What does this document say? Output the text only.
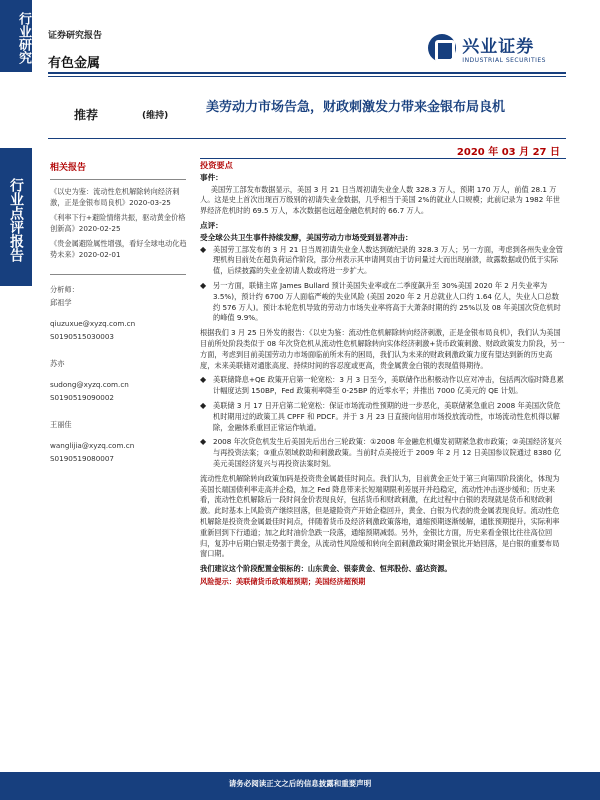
行业研究
行业点评报告
证券研究报告
有色金属
兴业证券
INDUSTRIAL SECURITIES
推荐	(维持)
美劳动力市场告急，财政刺激发力带来金银布局良机
2020 年 03 月 27 日
相关报告
《以史为鉴：流动性危机解除转向经济刺激，正是金银布局良机》2020-03-25
《利率下行+避险情绪共振，驱动黄金价格创新高》2020-02-25
《贵金属避险属性增强，看好全球电动化趋势未来》2020-02-01
分析师：
邱祖学
qiuzuxue@xyzq.com.cn
S0190515030003
苏亦
sudong@xyzq.com.cn
S0190519090002
王丽佳
wanglijia@xyzq.com.cn
S0190519080007
投资要点
事件：
美国劳工部发布数据显示，美国 3 月 21 日当周初请失业金人数 328.3 万人，预期 170 万人，前值 28.1 万人。这是史上首次出现百万级别的初请失业金数据，几乎相当于美国 2%的就业人口规模；此前记录为 1982 年世界经济危机时的 69.5 万人，本次数据也远超金融危机时的 66.7 万人。
点评：
受全球公共卫生事件持续发酵，美国劳动力市场受到显著冲击：
◆ 美国劳工部发布的 3 月 21 日当周初请失业金人数达到破纪录的 328.3 万人；另一方面，考虑到各州失业金管理机构目前处在超负荷运作阶段，部分州表示其申请网页由于访问量过大而出现崩溃，故露数据或仍低于实际值，后续披露的失业金初请人数或将进一步扩大。
◆ 另一方面，联储主席 James Bullard 预计美国失业率或在二季度飙升至 30%美国 2020 年 2 月失业率为 3.5%)，预计约 6700 万人面临严峻的失业风险 (美国 2020 年 2 月总就业人口约 1.64 亿人，失业人口总数约 576 万人)。预计本轮危机导致的劳动力市场失业率将高于大萧条时期的约 25%以及 08 年美国次贷危机时的峰值 9.9%。
根据我们 3 月 25 日外发的报告：《以史为鉴：流动性危机解除转向经济刺激，正是金银布局良机》，我们认为美国目前所处阶段类似于 08 年次贷危机从流动性危机解除转向实体经济刺激+货币政策刺激、财政政策发力阶段，另一方面，考虑到目前美国劳动力市场面临前所未有的困局，我们认为未来的财政刺激政策力度有望达到新的历史高度，未来美联储对通胀高度、持续时间的容忍度或更高，贵金属黄金白银的表现值得期待。
◆ 美联储降息+QE 政策开启第一轮宽松：3 月 3 日至今，美联储作出积极动作以应对冲击，包括两次临时降息累计幅度达到 150BP，Fed 政策利率降至 0-25BP 的近零水平；并推出 7000 亿美元的 QE 计划。
◆ 美联储 3 月 17 日开启第二轮宽松：保证市场流动性预期的进一步恶化，美联储紧急重启 2008 年美国次贷危机时期用过的政策工具 CPFF 和 PDCF。并于 3 月 23 日直接向信用市场投放流动性，市场流动性危机得以解除，金融体系重回正常运作轨道。
◆ 2008 年次贷危机发生后美国先后出台三轮政策：①2008 年金融危机爆发初期紧急救市政策；②美国经济复兴与再投资法案；③重点领域救助和刺激政策。当前时点美接近于 2009 年 2 月 12 日美国参议院通过 8380 亿美元美国经济复兴与再投资法案时刻。
流动性危机解除转向政策加码是投资贵金属最佳时间点。我们认为，目前黄金正处于第三向第四阶段演化，体现为美国长端国债利率走高并企稳，加之 Fed 降息带来长短端期限利差展开并趋稳定，流动性冲击逐步缓和；历史来看，流动性危机解除后一段时间金价表现良好，包括货币和财政刺激，在此过程中白银的表现就是货币和财政刺激。此时基本上风险资产继续回落，但是避险资产开始企稳回升，黄金、白银为代表的贵金属表现良好。流动性危机解除是投资贵金属最佳时间点，伴随着货币及经济刺激政策落地，通缩预期逐渐缓解，通胀预期提升，实际利率重新回到下行通道；加之此时油价急跌一段落，通缩预期减弱。另外，金银比方面，历史来看金银比往往高位回归，复苏中后期白银走势强于黄金，从流动性风险缓和转向全面刺激政策时期金银比开始回落，是白银的重要布局窗口期。
我们建议这个阶段配置金银标的：山东黄金、银泰黄金、恒邦股份、盛达资源。
风险提示：美联储货币政策超预期；美国经济超预期
请务必阅读正文之后的信息披露和重要声明
